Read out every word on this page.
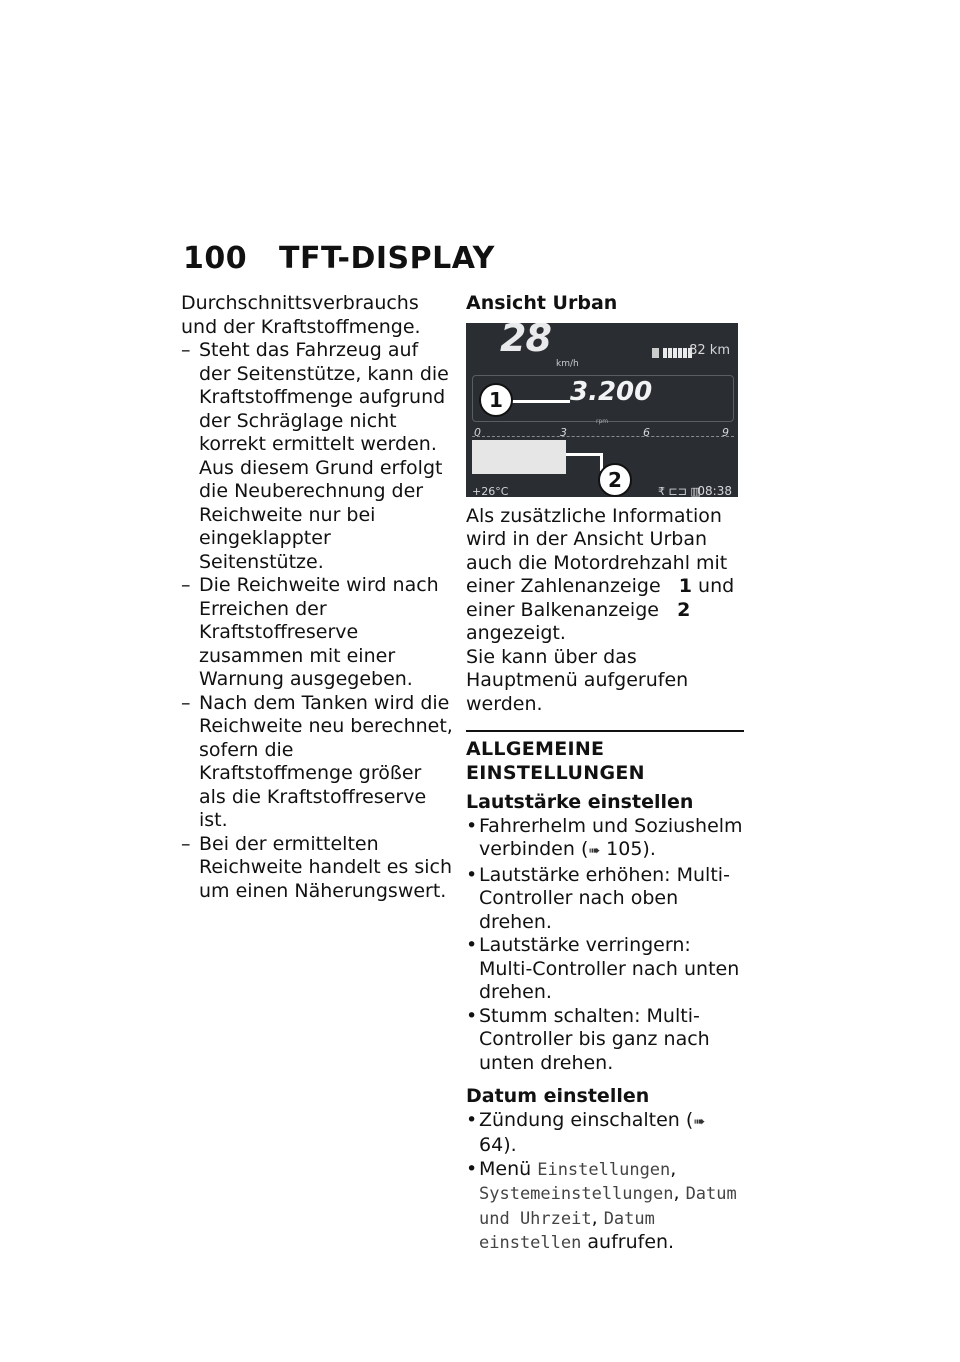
100 TFT-DISPLAY

Durchschnittsverbrauchs und der Kraftstoffmenge.

– Steht das Fahrzeug auf der Seitenstütze, kann die Kraftstoffmenge aufgrund der Schräglage nicht korrekt ermittelt werden. Aus diesem Grund erfolgt die Neuberechnung der Reichweite nur bei eingeklappter Seitenstütze.

– Die Reichweite wird nach Erreichen der Kraftstoffreserve zusammen mit einer Warnung ausgegeben.

– Nach dem Tanken wird die Reichweite neu berechnet, sofern die Kraftstoffmenge größer als die Kraftstoffreserve ist.

– Bei der ermittelten Reichweite handelt es sich um einen Näherungswert.

Ansicht Urban

28
km/h
82 km
3.200
rpm
0	3	6	9
+26°C	₹ ⊏⊐ ▥
08:38
1
2

Als zusätzliche Information wird in der Ansicht Urban auch die Motordrehzahl mit einer Zahlenanzeige 1 und einer Balkenanzeige 2 angezeigt.

Sie kann über das Hauptmenü aufgerufen werden.

ALLGEMEINE EINSTELLUNGEN

Lautstärke einstellen

• Fahrerhelm und Soziushelm verbinden (➠ 105).

• Lautstärke erhöhen: Multi-Controller nach oben drehen.

• Lautstärke verringern: Multi-Controller nach unten drehen.

• Stumm schalten: Multi-Controller bis ganz nach unten drehen.

Datum einstellen

• Zündung einschalten (➠ 64).

• Menü Einstellungen, Systemeinstellungen, Datum und Uhrzeit, Datum einstellen aufrufen.
